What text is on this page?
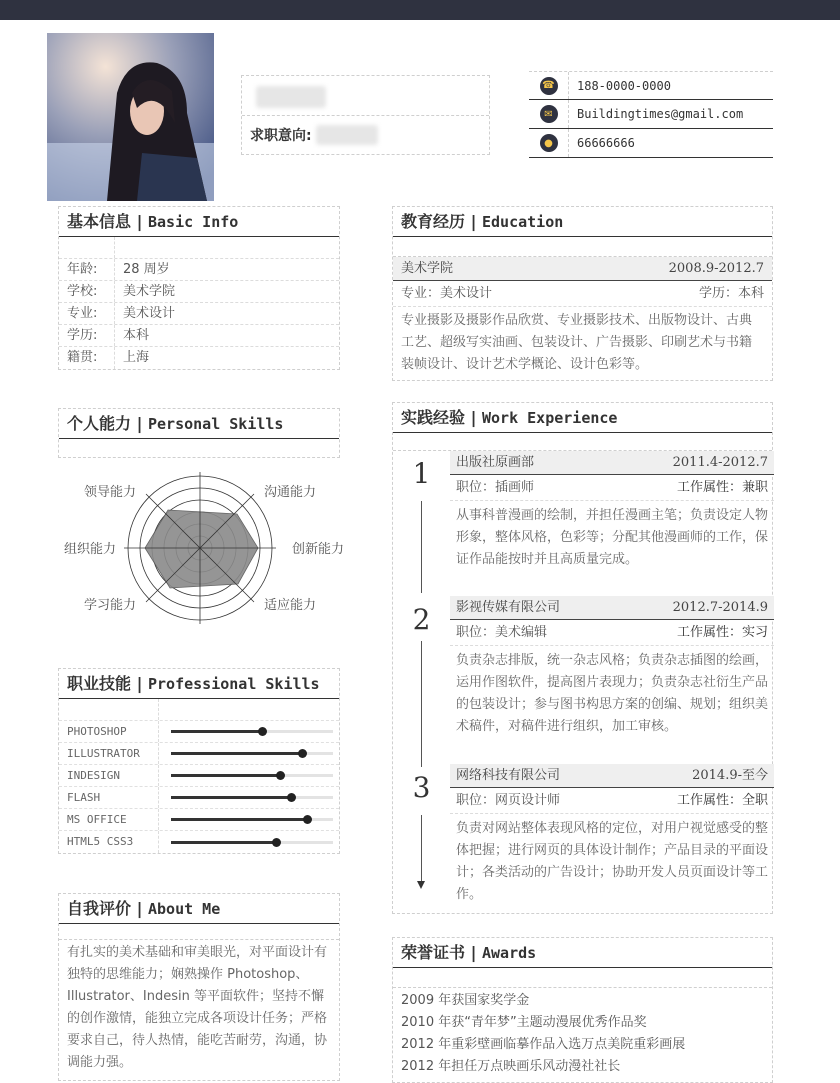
求职意向:
☎	188-0000-0000
✉	Buildingtimes@gmail.com
●	66666666
基本信息 | Basic Info
年龄:	28 周岁
学校:	美术学院
专业:	美术设计
学历:	本科
籍贯:	上海
个人能力 | Personal Skills
沟通能力
创新能力
适应能力
学习能力
组织能力
领导能力
职业技能 | Professional Skills
PHOTOSHOP
ILLUSTRATOR
INDESIGN
FLASH
MS OFFICE
HTML5 CSS3
自我评价 | About Me
有扎实的美术基础和审美眼光，对平面设计有独特的思维能力；娴熟操作 Photoshop、Illustrator、Indesin 等平面软件；坚持不懈的创作激情，能独立完成各项设计任务；严格要求自己，待人热情，能吃苦耐劳，沟通，协调能力强。
教育经历 | Education
美术学院	2008.9-2012.7
专业：美术设计	学历：本科
专业摄影及摄影作品欣赏、专业摄影技术、出版物设计、古典工艺、超级写实油画、包装设计、广告摄影、印刷艺术与书籍装帧设计、设计艺术学概论、设计色彩等。
实践经验 | Work Experience
1	出版社原画部	2011.4-2012.7
职位：插画师	工作属性：兼职
从事科普漫画的绘制，并担任漫画主笔；负责设定人物形象，整体风格，色彩等；分配其他漫画师的工作，保证作品能按时并且高质量完成。
2	影视传媒有限公司	2012.7-2014.9
职位：美术编辑	工作属性：实习
负责杂志排版，统一杂志风格；负责杂志插图的绘画，运用作图软件，提高图片表现力；负责杂志社衍生产品的包装设计；参与图书构思方案的创编、规划；组织美术稿件，对稿件进行组织，加工审核。
3	网络科技有限公司	2014.9-至今
职位：网页设计师	工作属性：全职
负责对网站整体表现风格的定位，对用户视觉感受的整体把握；进行网页的具体设计制作；产品目录的平面设计；各类活动的广告设计；协助开发人员页面设计等工作。
荣誉证书 | Awards
2009 年获国家奖学金
2010 年获“青年梦”主题动漫展优秀作品奖
2012 年重彩壁画临摹作品入选万点美院重彩画展
2012 年担任万点映画乐风动漫社社长
